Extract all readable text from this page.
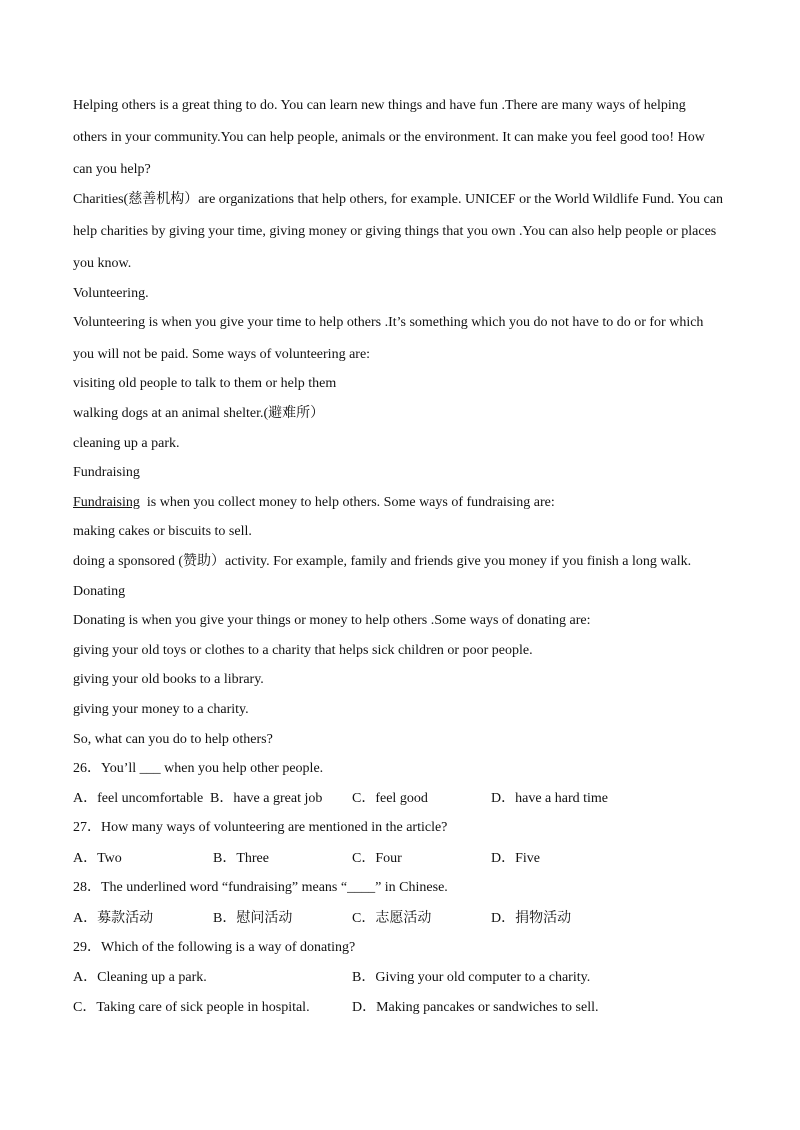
Helping others is a great thing to do. You can learn new things and have fun .There are many ways of helping
others in your community.You can help people, animals or the environment. It can make you feel good too! How
can you help?
Charities(慈善机构）are organizations that help others, for example. UNICEF or the World Wildlife Fund. You can
help charities by giving your time, giving money or giving things that you own .You can also help people or places
you know.
Volunteering.
Volunteering is when you give your time to help others .It’s something which you do not have to do or for which
you will not be paid. Some ways of volunteering are:
visiting old people to talk to them or help them
walking dogs at an animal shelter.(避难所）
cleaning up a park.
Fundraising
Fundraising  is when you collect money to help others. Some ways of fundraising are:
making cakes or biscuits to sell.
doing a sponsored (赞助）activity. For example, family and friends give you money if you finish a long walk.
Donating
Donating is when you give your things or money to help others .Some ways of donating are:
giving your old toys or clothes to a charity that helps sick children or poor people.
giving your old books to a library.
giving your money to a charity.
So, what can you do to help others?
26．You’ll ___ when you help other people.
A．feel uncomfortable B．have a great job C．feel good	D．have a hard time
27．How many ways of volunteering are mentioned in the article?
A．Two	B．Three	C．Four	D．Five
28．The underlined word “fundraising” means “____” in Chinese.
A．募款活动	B．慰问活动	C．志愿活动	D．捐物活动
29．Which of the following is a way of donating?
A．Cleaning up a park.	B．Giving your old computer to a charity.
C．Taking care of sick people in hospital.	D．Making pancakes or sandwiches to sell.
